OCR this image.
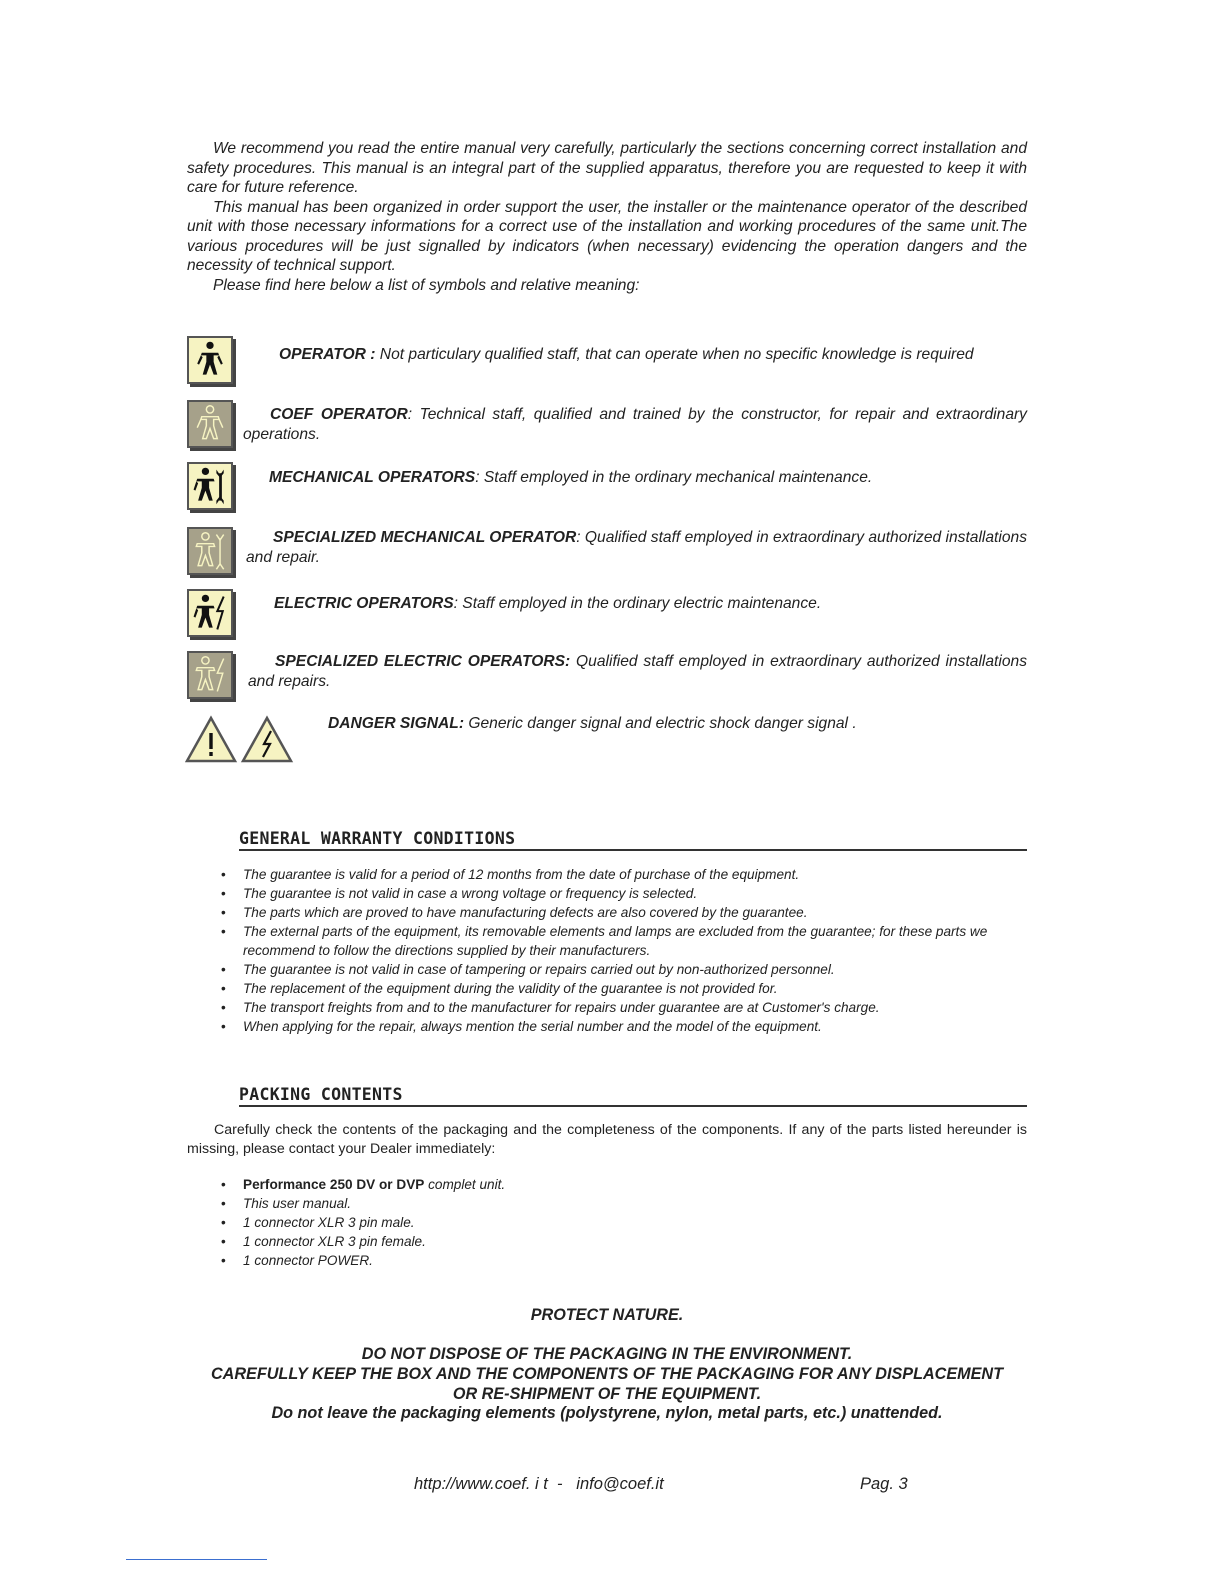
We recommend you read the entire manual very carefully, particularly the sections concerning correct installation and safety procedures. This manual is an integral part of the supplied apparatus, therefore you are requested to keep it with care for future reference.

This manual has been organized in order support the user, the installer or the maintenance operator of the described unit with those necessary informations for a correct use of the installation and working procedures of the same unit.The various procedures will be just signalled by indicators (when necessary) evidencing the operation dangers and the necessity of technical support.

Please find here below a list of symbols and relative meaning:

OPERATOR : Not particulary qualified staff, that can operate when no specific knowledge is required
COEF OPERATOR: Technical staff, qualified and trained by the constructor, for repair and extraordinary operations.
MECHANICAL OPERATORS: Staff employed in the ordinary mechanical maintenance.
SPECIALIZED MECHANICAL OPERATOR: Qualified staff employed in extraordinary authorized installations and repair.
ELECTRIC OPERATORS: Staff employed in the ordinary electric maintenance.
SPECIALIZED ELECTRIC OPERATORS: Qualified staff employed in extraordinary authorized installations and repairs.
DANGER SIGNAL: Generic danger signal and electric shock danger signal .
GENERAL WARRANTY CONDITIONS
• The guarantee is valid for a period of 12 months from the date of purchase of the equipment.
• The guarantee is not valid in case a wrong voltage or frequency is selected.
• The parts which are proved to have manufacturing defects are also covered by the guarantee.
• The external parts of the equipment, its removable elements and lamps are excluded from the guarantee; for these parts we recommend to follow the directions supplied by their manufacturers.
• The guarantee is not valid in case of tampering or repairs carried out by non-authorized personnel.
• The replacement of the equipment during the validity of the guarantee is not provided for.
• The transport freights from and to the manufacturer for repairs under guarantee are at Customer's charge.
• When applying for the repair, always mention the serial number and the model of the equipment.
PACKING CONTENTS
Carefully check the contents of the packaging and the completeness of the components. If any of the parts listed hereunder is missing, please contact your Dealer immediately:
• Performance 250 DV or DVP complet unit.
• This user manual.
• 1 connector XLR 3 pin male.
• 1 connector XLR 3 pin female.
• 1 connector POWER.
PROTECT NATURE.
DO NOT DISPOSE OF THE PACKAGING IN THE ENVIRONMENT.
CAREFULLY KEEP THE BOX AND THE COMPONENTS OF THE PACKAGING FOR ANY DISPLACEMENT
OR RE-SHIPMENT OF THE EQUIPMENT.
Do not leave the packaging elements (polystyrene, nylon, metal parts, etc.) unattended.
http://www.coef. i t  -   info@coef.it	Pag. 3
